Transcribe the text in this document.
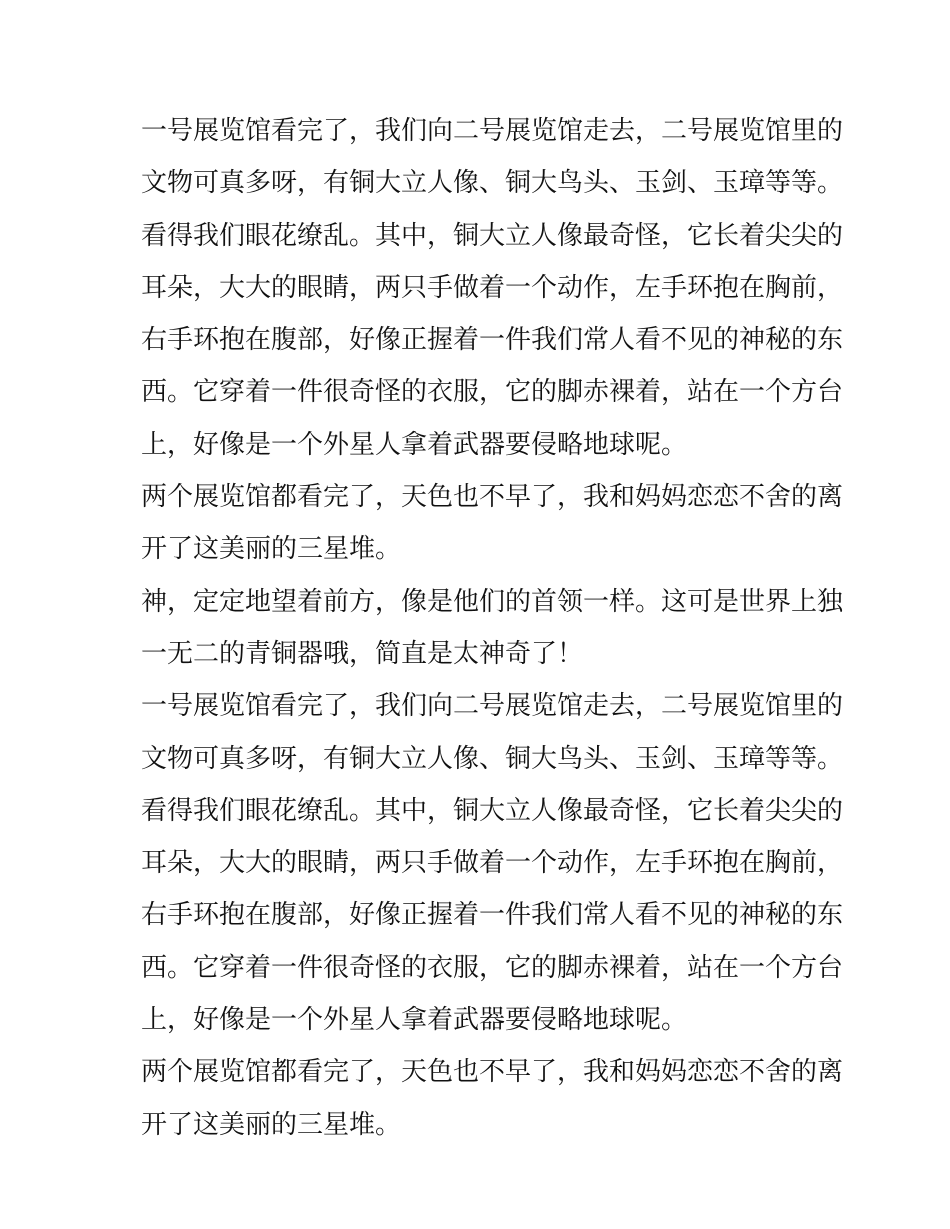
一号展览馆看完了，我们向二号展览馆走去，二号展览馆里的
文物可真多呀，有铜大立人像、铜大鸟头、玉剑、玉璋等等。
看得我们眼花缭乱。其中，铜大立人像最奇怪，它长着尖尖的
耳朵，大大的眼睛，两只手做着一个动作，左手环抱在胸前，
右手环抱在腹部，好像正握着一件我们常人看不见的神秘的东
西。它穿着一件很奇怪的衣服，它的脚赤裸着，站在一个方台
上，好像是一个外星人拿着武器要侵略地球呢。
两个展览馆都看完了，天色也不早了，我和妈妈恋恋不舍的离
开了这美丽的三星堆。
神，定定地望着前方，像是他们的首领一样。这可是世界上独
一无二的青铜器哦，简直是太神奇了！
一号展览馆看完了，我们向二号展览馆走去，二号展览馆里的
文物可真多呀，有铜大立人像、铜大鸟头、玉剑、玉璋等等。
看得我们眼花缭乱。其中，铜大立人像最奇怪，它长着尖尖的
耳朵，大大的眼睛，两只手做着一个动作，左手环抱在胸前，
右手环抱在腹部，好像正握着一件我们常人看不见的神秘的东
西。它穿着一件很奇怪的衣服，它的脚赤裸着，站在一个方台
上，好像是一个外星人拿着武器要侵略地球呢。
两个展览馆都看完了，天色也不早了，我和妈妈恋恋不舍的离
开了这美丽的三星堆。
